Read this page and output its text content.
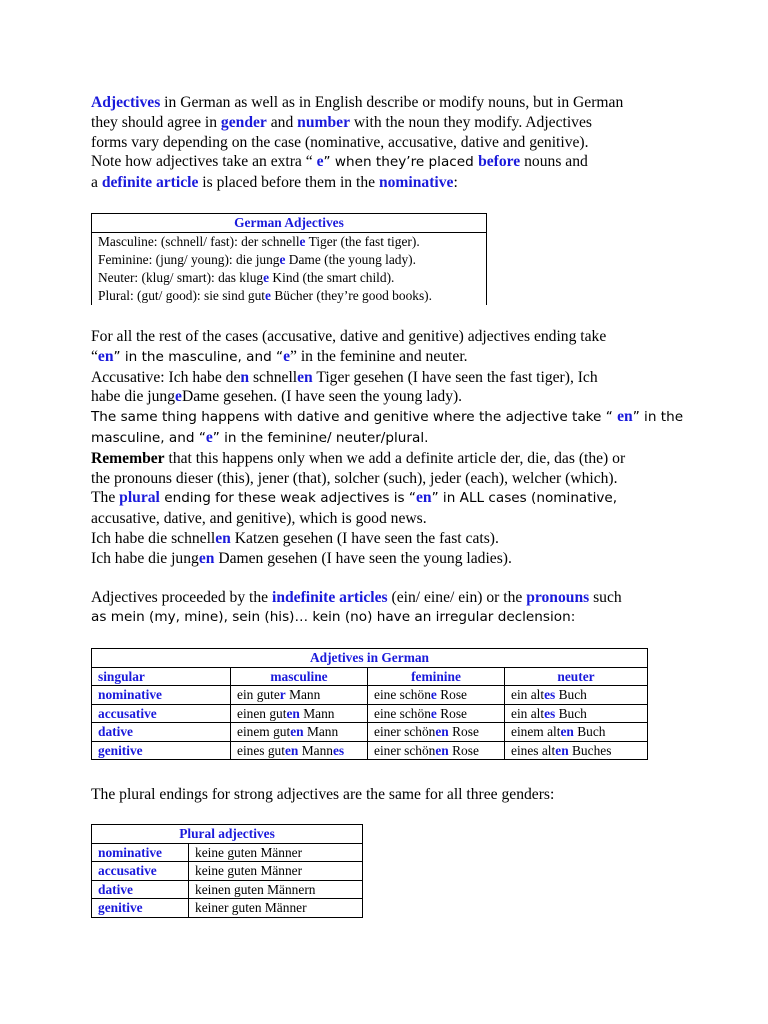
Adjectives in German as well as in English describe or modify nouns, but in German
they should agree in gender and number with the noun they modify. Adjectives
forms vary depending on the case (nominative, accusative, dative and genitive).
Note how adjectives take an extra “ e” when they’re placed before nouns and
a definite article is placed before them in the nominative:
German Adjectives

Masculine: (schnell/ fast): der schnelle Tiger (the fast tiger).
Feminine: (jung/ young): die junge Dame (the young lady).
Neuter: (klug/ smart): das kluge Kind (the smart child).
Plural: (gut/ good): sie sind gute Bücher (they’re good books).
For all the rest of the cases (accusative, dative and genitive) adjectives ending take
“en” in the masculine, and “e” in the feminine and neuter.
Accusative: Ich habe den schnellen Tiger gesehen (I have seen the fast tiger), Ich
habe die jungeDame gesehen. (I have seen the young lady).
The same thing happens with dative and genitive where the adjective take “ en” in the
masculine, and “e” in the feminine/ neuter/plural.
Remember that this happens only when we add a definite article der, die, das (the) or
the pronouns dieser (this), jener (that), solcher (such), jeder (each), welcher (which).
The plural ending for these weak adjectives is “en” in ALL cases (nominative,
accusative, dative, and genitive), which is good news.
Ich habe die schnellen Katzen gesehen (I have seen the fast cats).
Ich habe die jungen Damen gesehen (I have seen the young ladies).
Adjectives proceeded by the indefinite articles (ein/ eine/ ein) or the pronouns such
as mein (my, mine), sein (his)… kein (no) have an irregular declension:
Adjetives in German			
singular	masculine	feminine	neuter
nominative	ein guter Mann	eine schöne Rose	ein altes Buch
accusative	einen guten Mann	eine schöne Rose	ein altes Buch
dative	einem guten Mann	einer schönen Rose	einem alten Buch
genitive	eines guten Mannes	einer schönen Rose	eines alten Buches
The plural endings for strong adjectives are the same for all three genders:
Plural adjectives	
nominative	keine guten Männer
accusative	keine guten Männer
dative	keinen guten Männern
genitive	keiner guten Männer
